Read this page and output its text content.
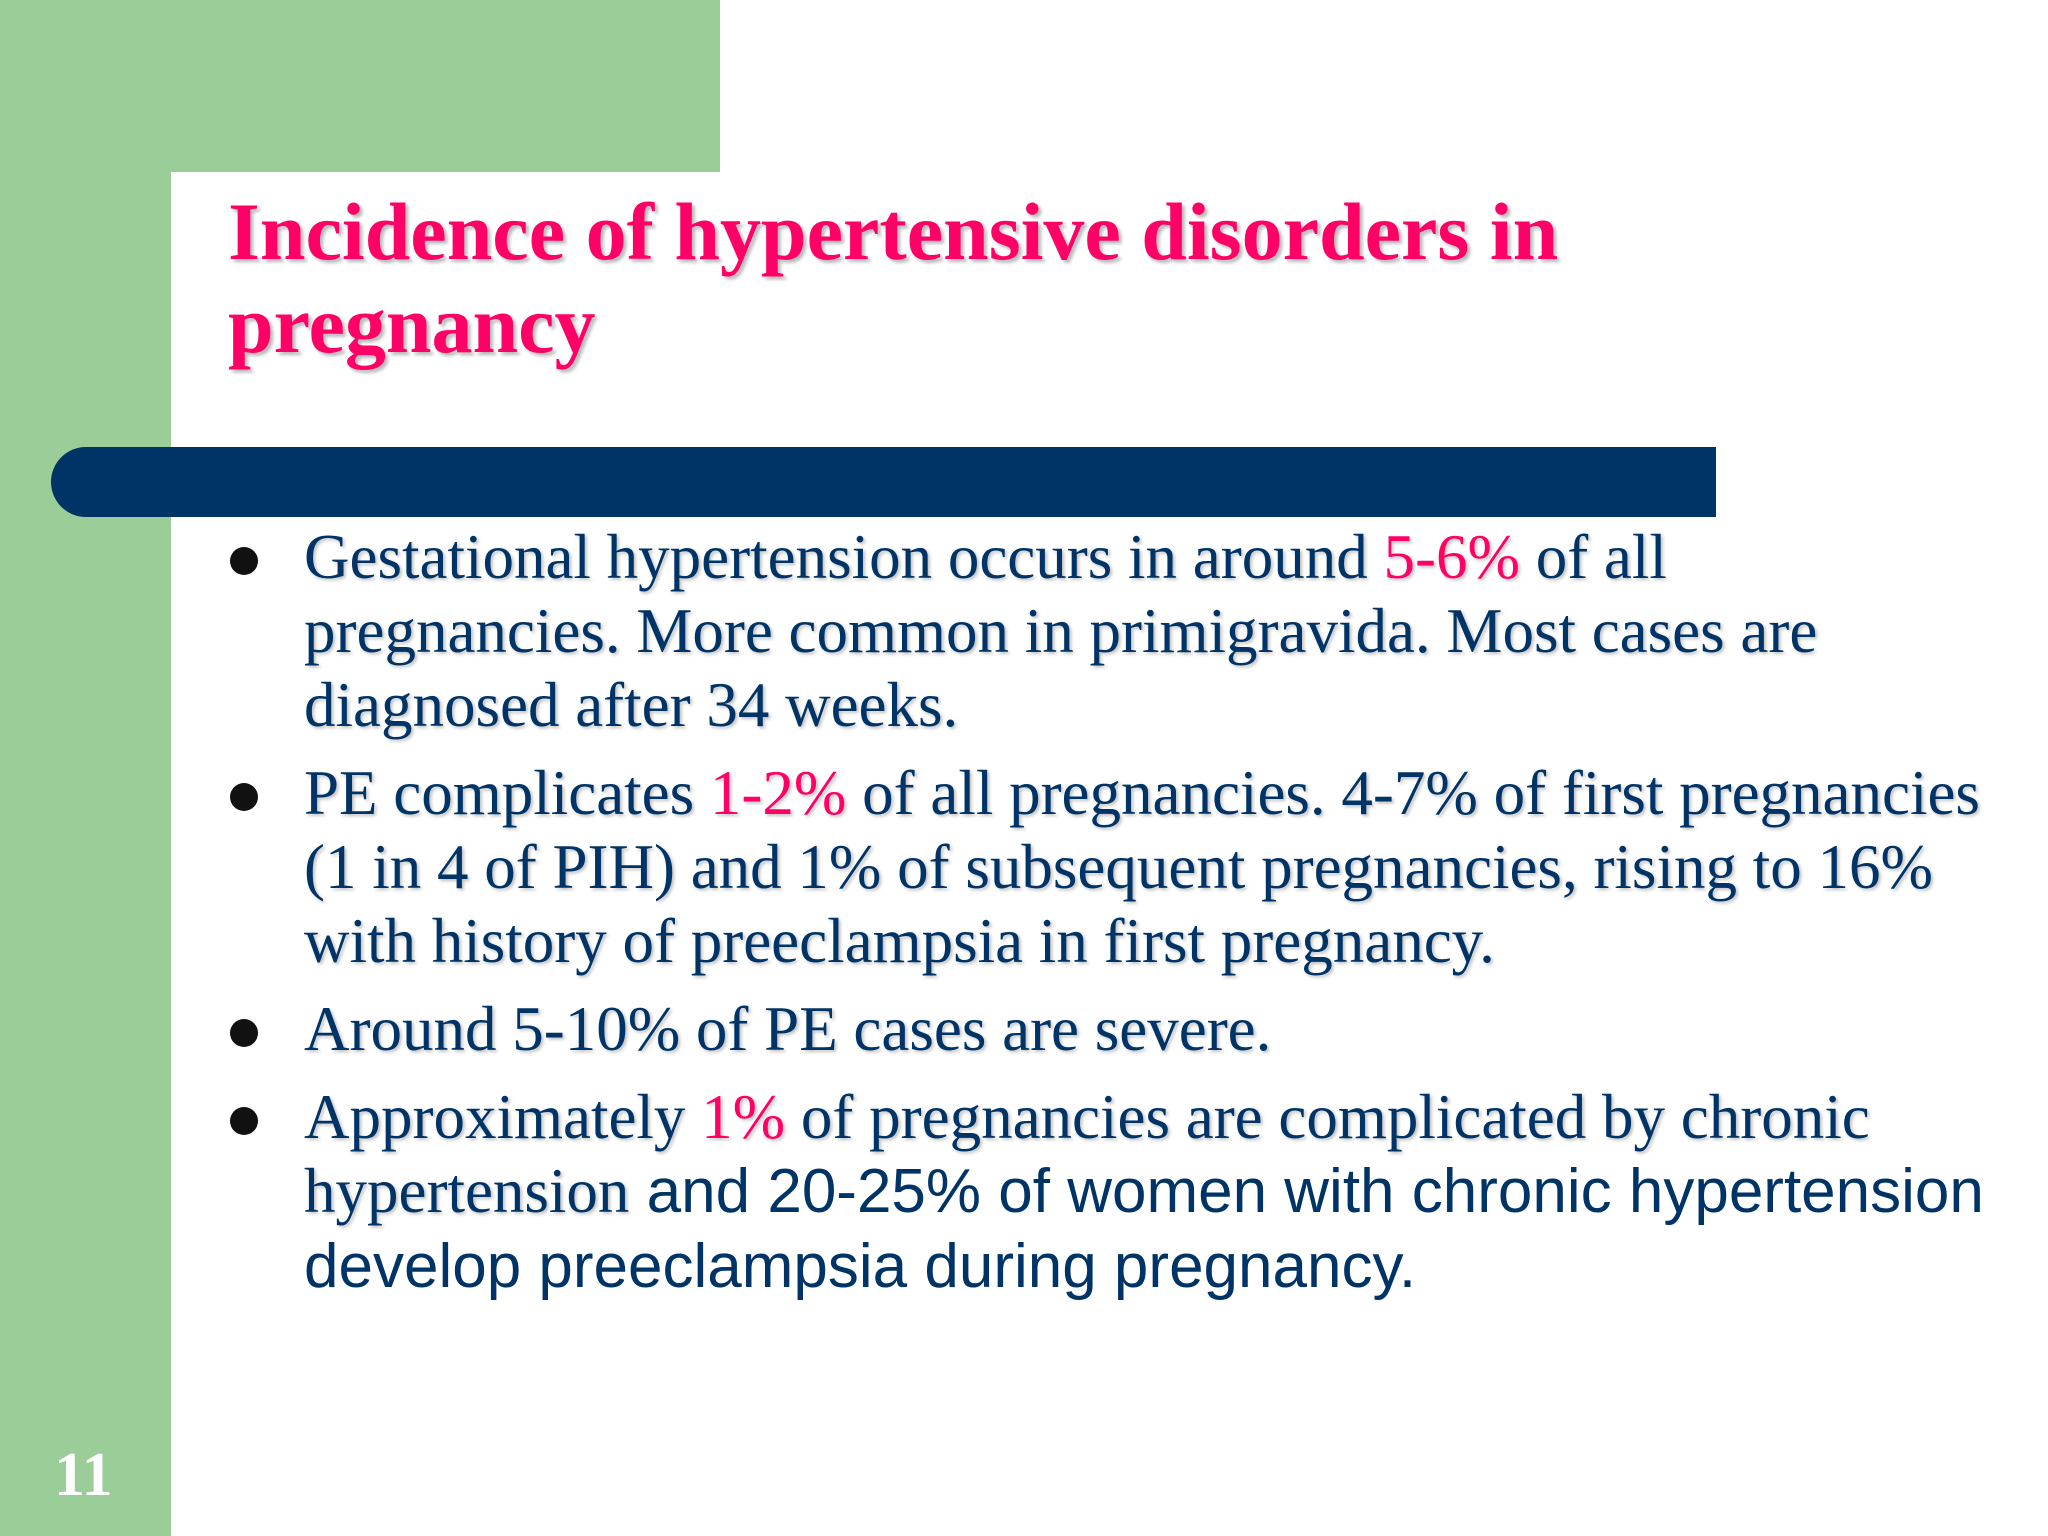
Incidence of hypertensive disorders in pregnancy
Gestational hypertension occurs in around 5-6% of all pregnancies. More common in primigravida. Most cases are diagnosed after 34 weeks.
PE complicates 1-2% of all pregnancies. 4-7% of first pregnancies (1 in 4 of PIH) and 1% of subsequent pregnancies, rising to 16% with history of preeclampsia in first pregnancy.
Around 5-10% of PE cases are severe.
Approximately 1% of pregnancies are complicated by chronic hypertension and 20-25% of women with chronic hypertension develop preeclampsia during pregnancy.
11
